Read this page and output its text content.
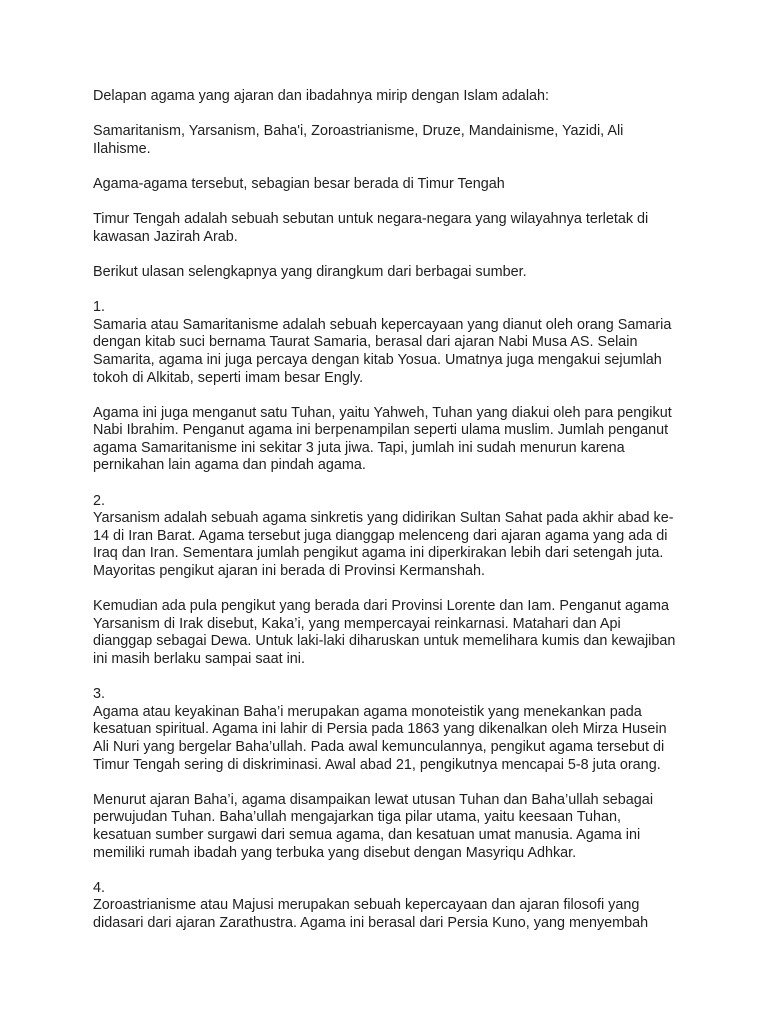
Delapan agama yang ajaran dan ibadahnya mirip dengan Islam adalah:

Samaritanism, Yarsanism, Baha'i, Zoroastrianisme, Druze, Mandainisme, Yazidi, Ali Ilahisme.

Agama-agama tersebut, sebagian besar berada di Timur Tengah

Timur Tengah adalah sebuah sebutan untuk negara-negara yang wilayahnya terletak di kawasan Jazirah Arab.

Berikut ulasan selengkapnya yang dirangkum dari berbagai sumber.

1.
Samaria atau Samaritanisme adalah sebuah kepercayaan yang dianut oleh orang Samaria dengan kitab suci bernama Taurat Samaria, berasal dari ajaran Nabi Musa AS. Selain Samarita, agama ini juga percaya dengan kitab Yosua. Umatnya juga mengakui sejumlah tokoh di Alkitab, seperti imam besar Engly.

Agama ini juga menganut satu Tuhan, yaitu Yahweh, Tuhan yang diakui oleh para pengikut Nabi Ibrahim. Penganut agama ini berpenampilan seperti ulama muslim. Jumlah penganut agama Samaritanisme ini sekitar 3 juta jiwa. Tapi, jumlah ini sudah menurun karena pernikahan lain agama dan pindah agama.

2.
Yarsanism adalah sebuah agama sinkretis yang didirikan Sultan Sahat pada akhir abad ke-14 di Iran Barat. Agama tersebut juga dianggap melenceng dari ajaran agama yang ada di Iraq dan Iran. Sementara jumlah pengikut agama ini diperkirakan lebih dari setengah juta. Mayoritas pengikut ajaran ini berada di Provinsi Kermanshah.

Kemudian ada pula pengikut yang berada dari Provinsi Lorente dan Iam. Penganut agama Yarsanism di Irak disebut, Kaka’i, yang mempercayai reinkarnasi. Matahari dan Api dianggap sebagai Dewa. Untuk laki-laki diharuskan untuk memelihara kumis dan kewajiban ini masih berlaku sampai saat ini.

3.
Agama atau keyakinan Baha’i merupakan agama monoteistik yang menekankan pada kesatuan spiritual. Agama ini lahir di Persia pada 1863 yang dikenalkan oleh Mirza Husein Ali Nuri yang bergelar Baha’ullah. Pada awal kemunculannya, pengikut agama tersebut di Timur Tengah sering di diskriminasi. Awal abad 21, pengikutnya mencapai 5-8 juta orang.

Menurut ajaran Baha’i, agama disampaikan lewat utusan Tuhan dan Baha’ullah sebagai perwujudan Tuhan. Baha’ullah mengajarkan tiga pilar utama, yaitu keesaan Tuhan, kesatuan sumber surgawi dari semua agama, dan kesatuan umat manusia. Agama ini memiliki rumah ibadah yang terbuka yang disebut dengan Masyriqu Adhkar.

4.
Zoroastrianisme atau Majusi merupakan sebuah kepercayaan dan ajaran filosofi yang didasari dari ajaran Zarathustra. Agama ini berasal dari Persia Kuno, yang menyembah
